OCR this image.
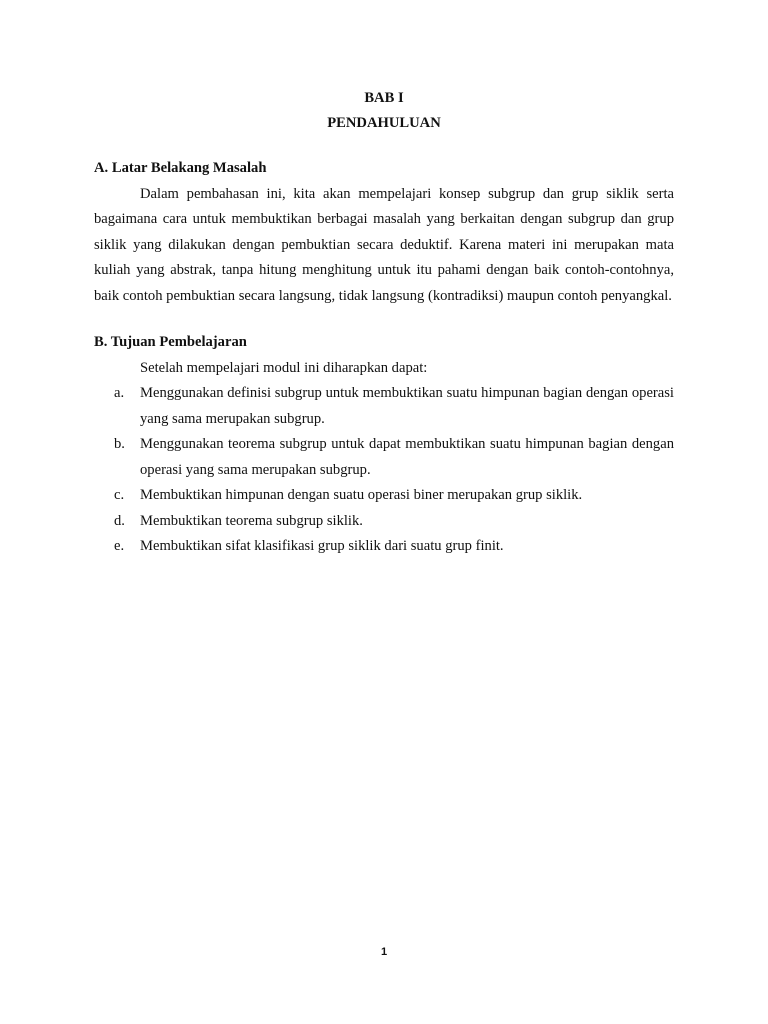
BAB I

PENDAHULUAN

A. Latar Belakang Masalah

Dalam pembahasan ini, kita akan mempelajari konsep subgrup dan grup siklik serta bagaimana cara untuk membuktikan berbagai masalah yang berkaitan dengan subgrup dan grup siklik yang dilakukan dengan pembuktian secara deduktif. Karena materi ini merupakan mata kuliah yang abstrak, tanpa hitung menghitung untuk itu pahami dengan baik contoh-contohnya, baik contoh pembuktian secara langsung, tidak langsung (kontradiksi) maupun contoh penyangkal.

B. Tujuan Pembelajaran

Setelah mempelajari modul ini diharapkan dapat:

a.	Menggunakan definisi subgrup untuk membuktikan suatu himpunan bagian dengan operasi yang sama merupakan subgrup.
b.	Menggunakan teorema subgrup untuk dapat membuktikan suatu himpunan bagian dengan operasi yang sama merupakan subgrup.
c.	Membuktikan himpunan dengan suatu operasi biner merupakan grup siklik.
d.	Membuktikan teorema subgrup siklik.
e.	Membuktikan sifat klasifikasi grup siklik dari suatu grup finit.
1
